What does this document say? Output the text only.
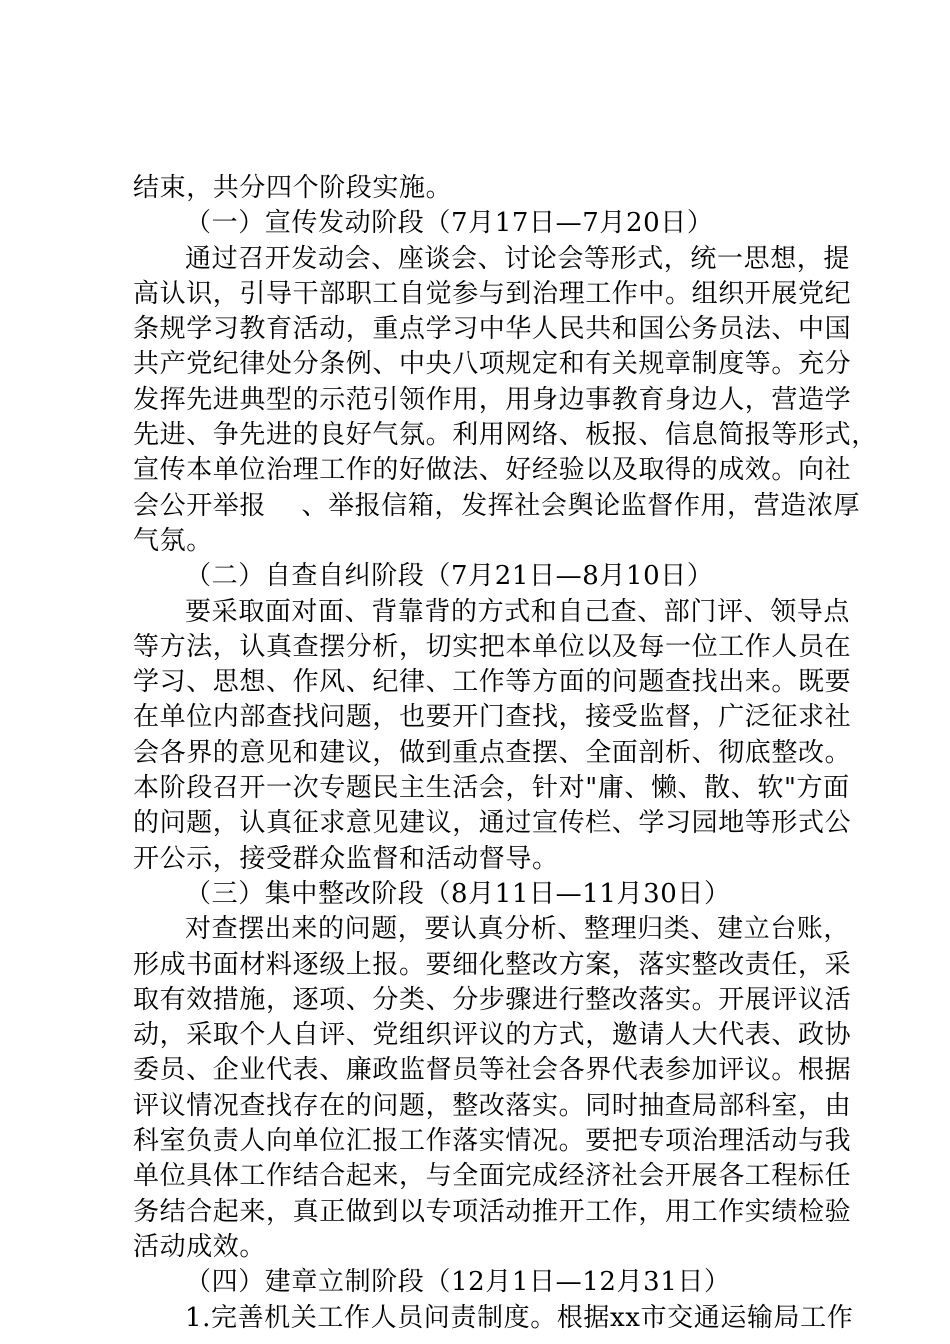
结束，共分四个阶段实施。
（一）宣传发动阶段（7月17日—7月20日）
通过召开发动会、座谈会、讨论会等形式，统一思想，提
高认识，引导干部职工自觉参与到治理工作中。组织开展党纪
条规学习教育活动，重点学习中华人民共和国公务员法、中国
共产党纪律处分条例、中央八项规定和有关规章制度等。充分
发挥先进典型的示范引领作用，用身边事教育身边人，营造学
先进、争先进的良好气氛。利用网络、板报、信息简报等形式，
宣传本单位治理工作的好做法、好经验以及取得的成效。向社
会公开举报　 、举报信箱，发挥社会舆论监督作用，营造浓厚
气氛。
（二）自查自纠阶段（7月21日—8月10日）
要采取面对面、背靠背的方式和自己查、部门评、领导点
等方法，认真查摆分析，切实把本单位以及每一位工作人员在
学习、思想、作风、纪律、工作等方面的问题查找出来。既要
在单位内部查找问题，也要开门查找，接受监督，广泛征求社
会各界的意见和建议，做到重点查摆、全面剖析、彻底整改。
本阶段召开一次专题民主生活会，针对"庸、懒、散、软"方面
的问题，认真征求意见建议，通过宣传栏、学习园地等形式公
开公示，接受群众监督和活动督导。
（三）集中整改阶段（8月11日—11月30日）
对查摆出来的问题，要认真分析、整理归类、建立台账，
形成书面材料逐级上报。要细化整改方案，落实整改责任，采
取有效措施，逐项、分类、分步骤进行整改落实。开展评议活
动，采取个人自评、党组织评议的方式，邀请人大代表、政协
委员、企业代表、廉政监督员等社会各界代表参加评议。根据
评议情况查找存在的问题，整改落实。同时抽查局部科室，由
科室负责人向单位汇报工作落实情况。要把专项治理活动与我
单位具体工作结合起来，与全面完成经济社会开展各工程标任
务结合起来，真正做到以专项活动推开工作，用工作实绩检验
活动成效。
（四）建章立制阶段（12月1日—12月31日）
1.完善机关工作人员问责制度。根据xx市交通运输局工作
